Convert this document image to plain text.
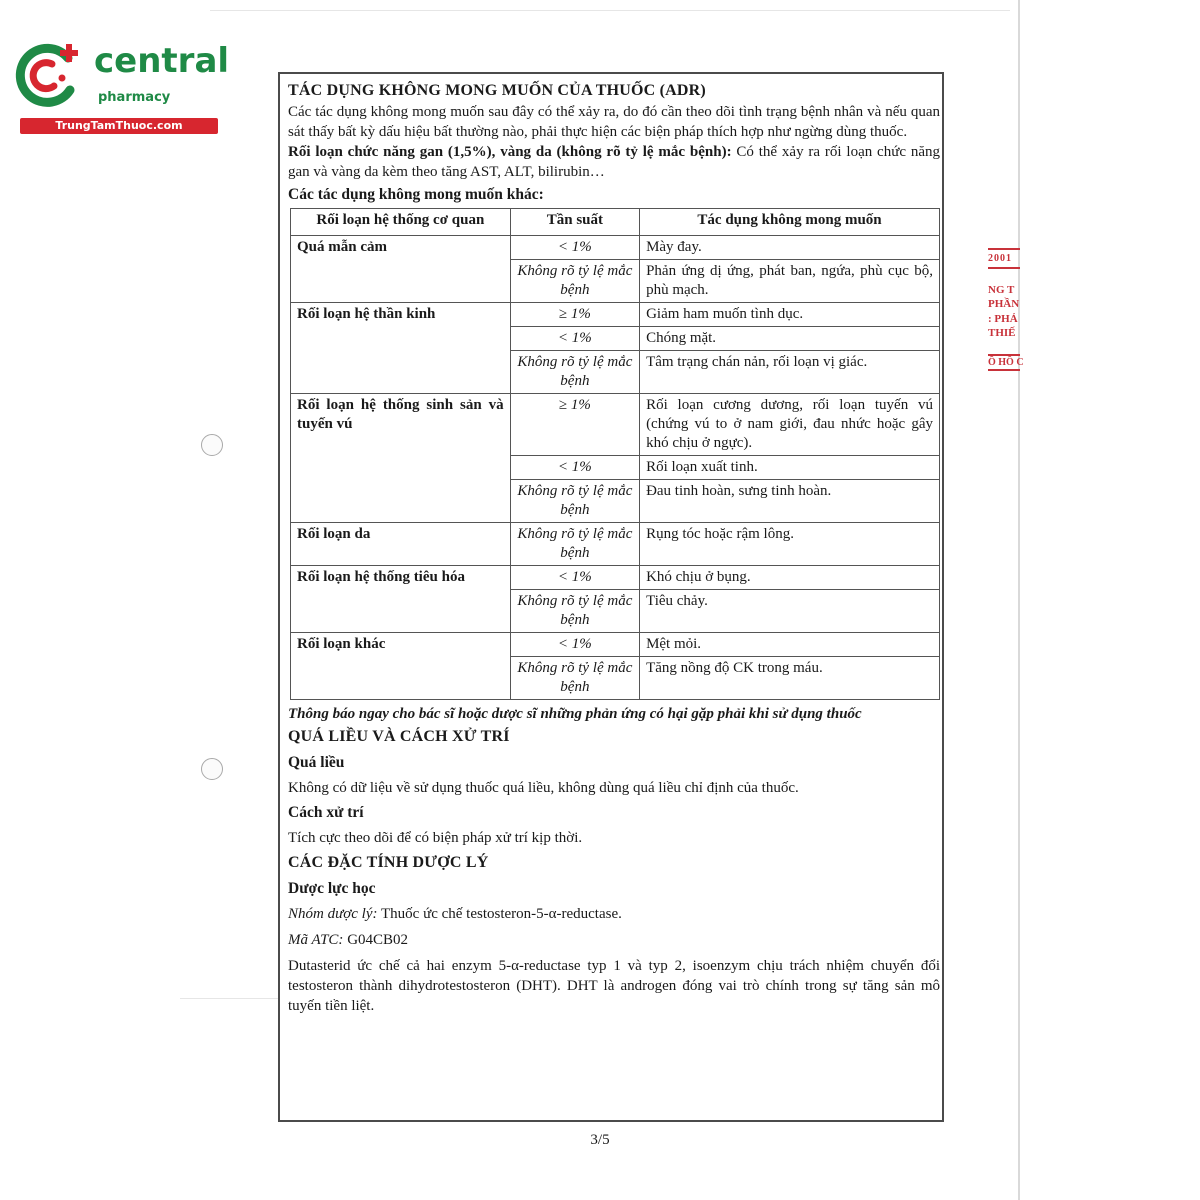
2001
NG T
PHẦN
: PHẢ
THIẾ
Ồ HỒ C
central
pharmacy
TrungTamThuoc.com

TÁC DỤNG KHÔNG MONG MUỐN CỦA THUỐC (ADR)

Các tác dụng không mong muốn sau đây có thể xảy ra, do đó cần theo dõi tình trạng bệnh nhân và nếu quan sát thấy bất kỳ dấu hiệu bất thường nào, phải thực hiện các biện pháp thích hợp như ngừng dùng thuốc.

Rối loạn chức năng gan (1,5%), vàng da (không rõ tỷ lệ mắc bệnh): Có thể xảy ra rối loạn chức năng gan và vàng da kèm theo tăng AST, ALT, bilirubin…

Các tác dụng không mong muốn khác:

Rối loạn hệ thống cơ quan	Tần suất	Tác dụng không mong muốn
Quá mẫn cảm	< 1%	Mày đay.
	Không rõ tỷ lệ mắc bệnh	Phản ứng dị ứng, phát ban, ngứa, phù cục bộ, phù mạch.
Rối loạn hệ thần kinh	≥ 1%	Giảm ham muốn tình dục.
	< 1%	Chóng mặt.
	Không rõ tỷ lệ mắc bệnh	Tâm trạng chán nản, rối loạn vị giác.
Rối loạn hệ thống sinh sản và tuyến vú	≥ 1%	Rối loạn cương dương, rối loạn tuyến vú (chứng vú to ở nam giới, đau nhức hoặc gây khó chịu ở ngực).
	< 1%	Rối loạn xuất tinh.
	Không rõ tỷ lệ mắc bệnh	Đau tinh hoàn, sưng tinh hoàn.
Rối loạn da	Không rõ tỷ lệ mắc bệnh	Rụng tóc hoặc rậm lông.
Rối loạn hệ thống tiêu hóa	< 1%	Khó chịu ở bụng.
	Không rõ tỷ lệ mắc bệnh	Tiêu chảy.
Rối loạn khác	< 1%	Mệt mỏi.
	Không rõ tỷ lệ mắc bệnh	Tăng nồng độ CK trong máu.

Thông báo ngay cho bác sĩ hoặc dược sĩ những phản ứng có hại gặp phải khi sử dụng thuốc

QUÁ LIỀU VÀ CÁCH XỬ TRÍ

Quá liều

Không có dữ liệu về sử dụng thuốc quá liều, không dùng quá liều chỉ định của thuốc.

Cách xử trí

Tích cực theo dõi để có biện pháp xử trí kịp thời.

CÁC ĐẶC TÍNH DƯỢC LÝ

Dược lực học

Nhóm dược lý: Thuốc ức chế testosteron-5-α-reductase.

Mã ATC: G04CB02

Dutasterid ức chế cả hai enzym 5-α-reductase typ 1 và typ 2, isoenzym chịu trách nhiệm chuyển đổi testosteron thành dihydrotestosteron (DHT). DHT là androgen đóng vai trò chính trong sự tăng sản mô tuyến tiền liệt.

3/5
